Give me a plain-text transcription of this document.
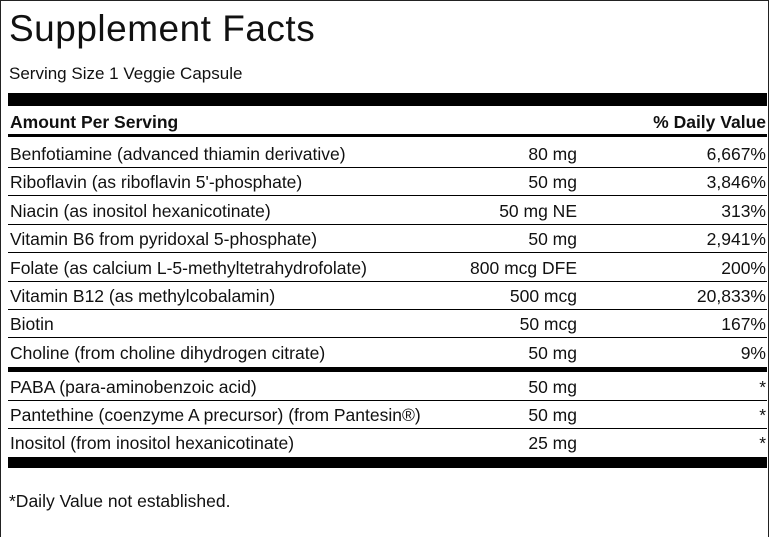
Supplement Facts
Serving Size 1 Veggie Capsule
Amount Per Serving	% Daily Value
Benfotiamine (advanced thiamin derivative)	80 mg	6,667%
Riboflavin (as riboflavin 5'-phosphate)	50 mg	3,846%
Niacin (as inositol hexanicotinate)	50 mg NE	313%
Vitamin B6 from pyridoxal 5-phosphate)	50 mg	2,941%
Folate (as calcium L-5-methyltetrahydrofolate)	800 mcg DFE	200%
Vitamin B12 (as methylcobalamin)	500 mcg	20,833%
Biotin	50 mcg	167%
Choline (from choline dihydrogen citrate)	50 mg	9%
PABA (para-aminobenzoic acid)	50 mg	*
Pantethine (coenzyme A precursor) (from Pantesin®)	50 mg	*
Inositol (from inositol hexanicotinate)	25 mg	*
*Daily Value not established.
